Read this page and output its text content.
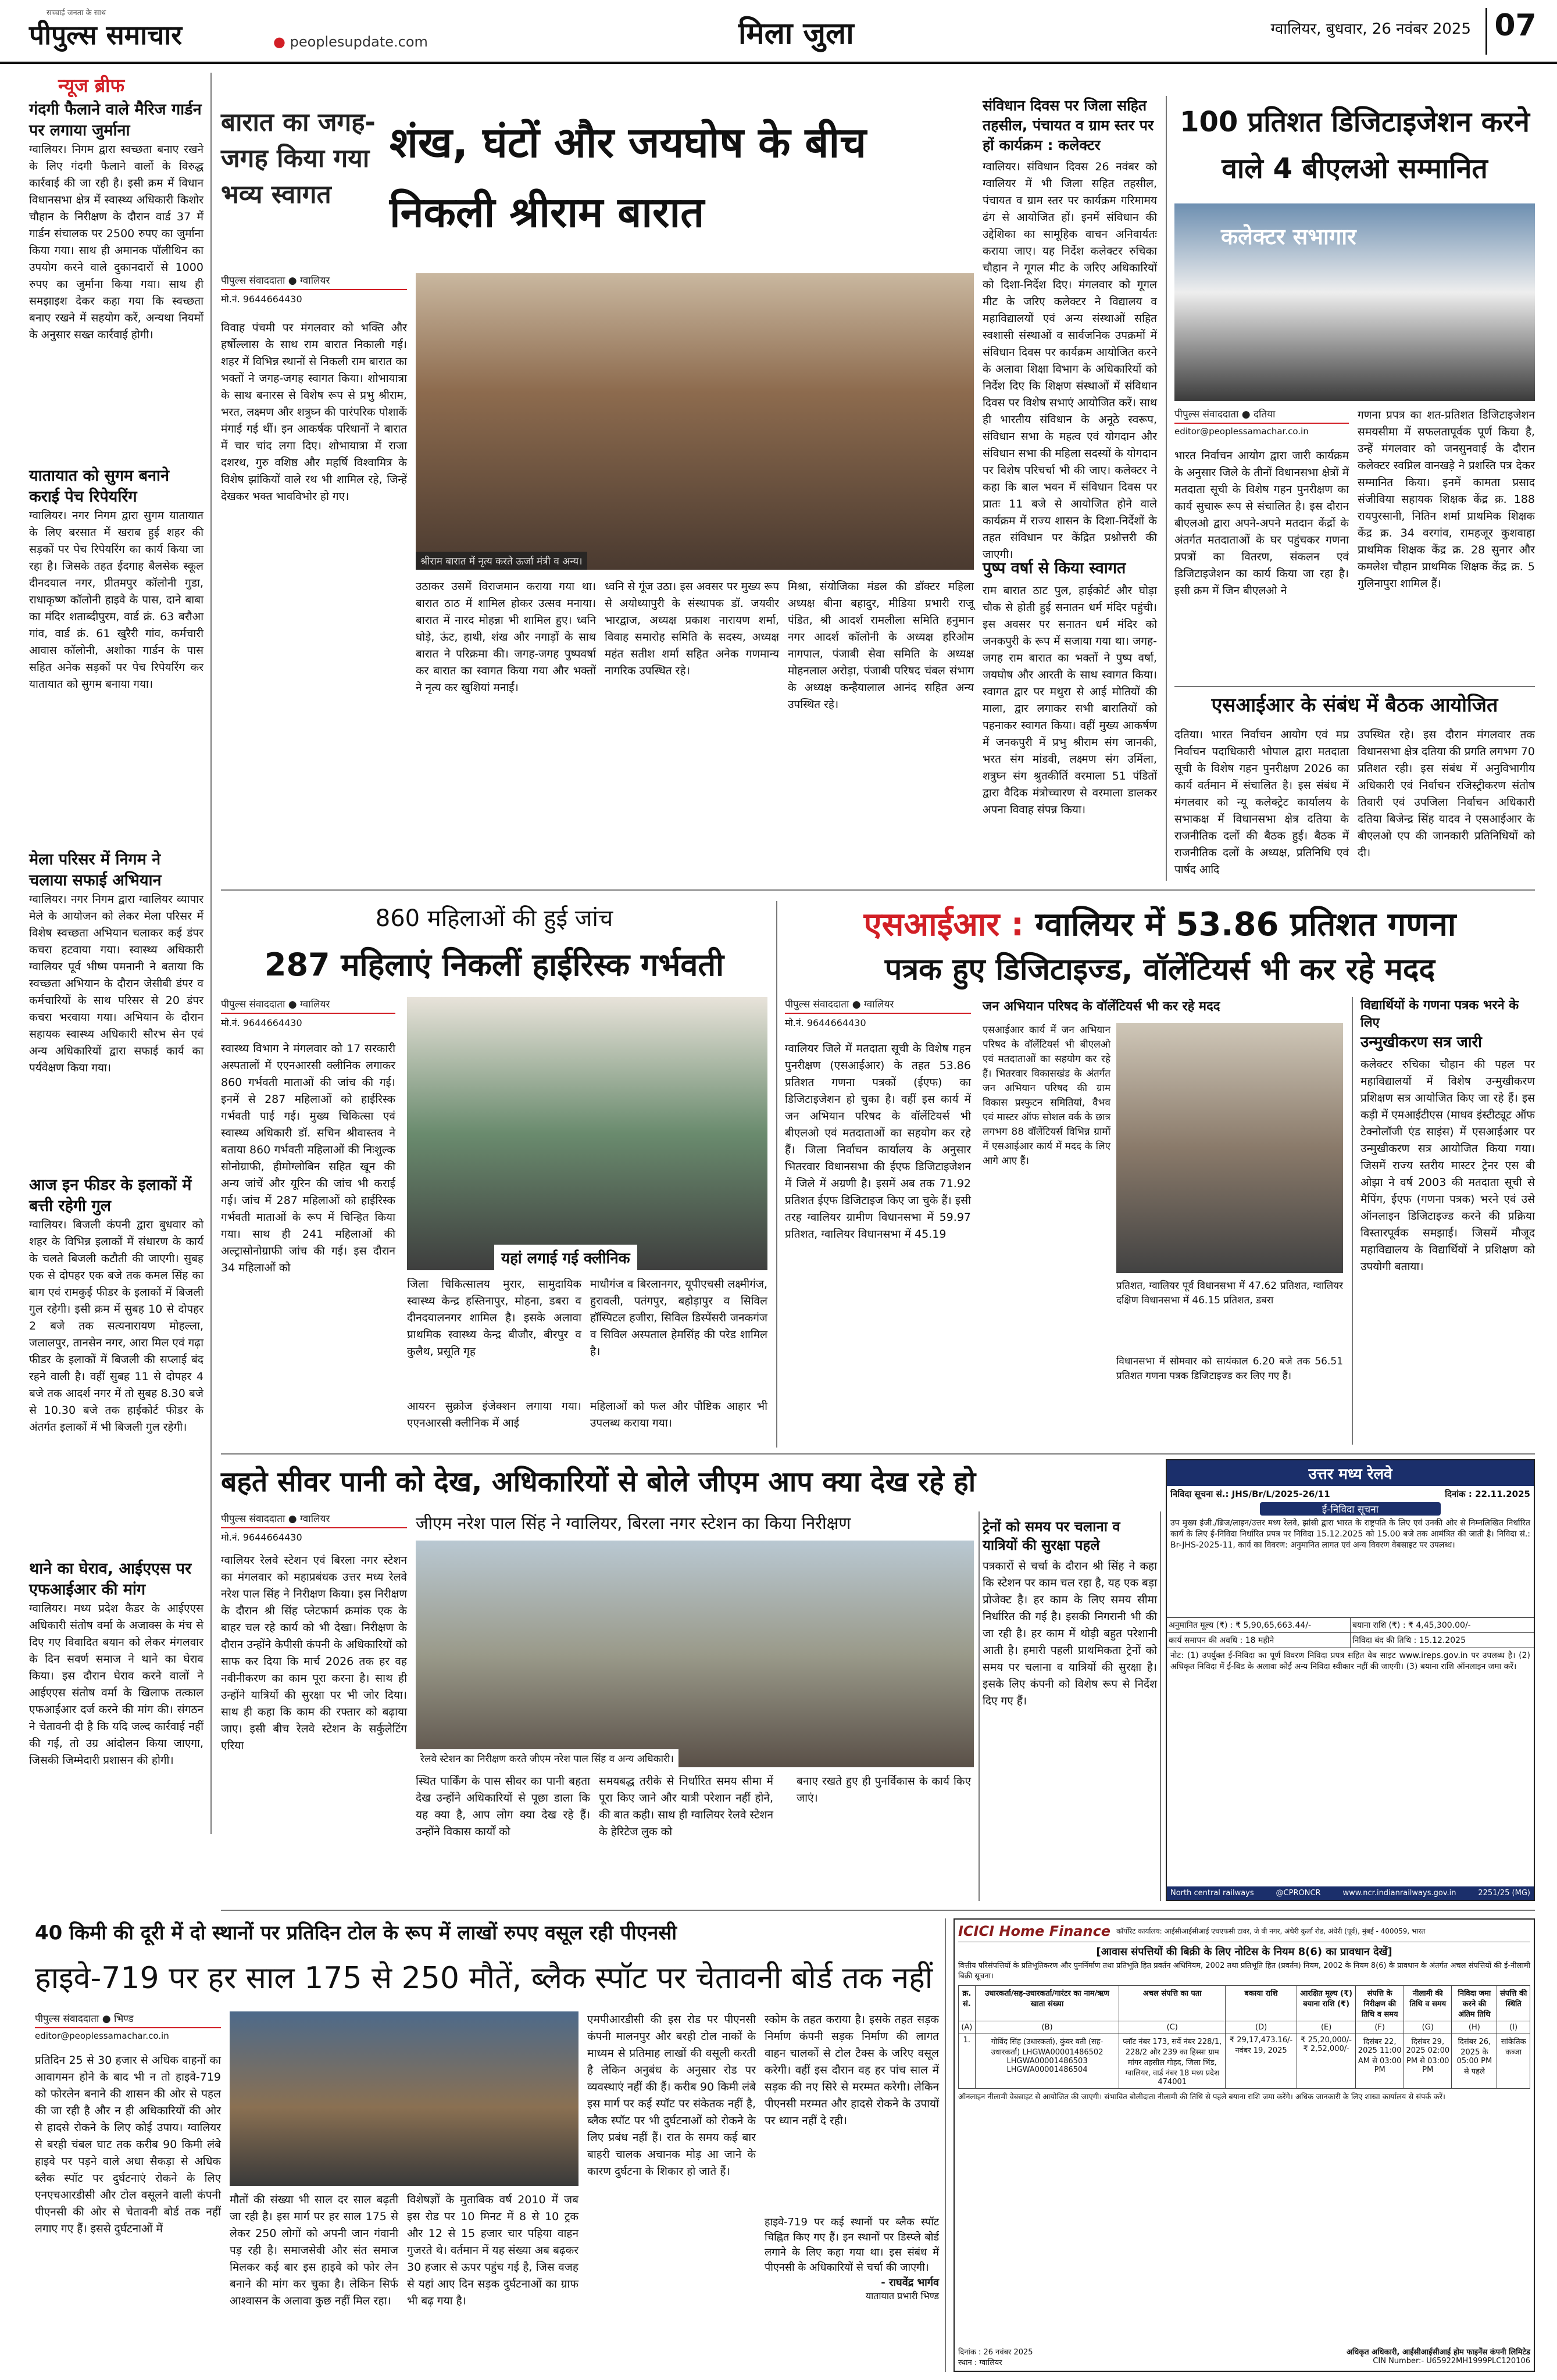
सच्चाई जनता के साथ
पीपुल्स समाचार	● peoplesupdate.com	मिला जुला	ग्वालियर, बुधवार, 26 नवंबर 2025 07
न्यूज ब्रीफ
गंदगी फैलाने वाले मैरिज गार्डन पर लगाया जुर्माना
ग्वालियर। निगम द्वारा स्वच्छता बनाए रखने के लिए गंदगी फैलाने वालों के विरुद्ध कार्रवाई की जा रही है। इसी क्रम में विधान विधानसभा क्षेत्र में स्वास्थ्य अधिकारी किशोर चौहान के निरीक्षण के दौरान वार्ड 37 में गार्डन संचालक पर 2500 रुपए का जुर्माना किया गया। साथ ही अमानक पॉलीथिन का उपयोग करने वाले दुकानदारों से 1000 रुपए का जुर्माना किया गया। साथ ही समझाइश देकर कहा गया कि स्वच्छता बनाए रखने में सहयोग करें, अन्यथा नियमों के अनुसार सख्त कार्रवाई होगी।
यातायात को सुगम बनाने कराई पेच रिपेयरिंग
ग्वालियर। नगर निगम द्वारा सुगम यातायात के लिए बरसात में खराब हुई शहर की सड़कों पर पेच रिपेयरिंग का कार्य किया जा रहा है। जिसके तहत ईदगाह बैलसेक स्कूल दीनदयाल नगर, प्रीतमपुर कॉलोनी गुडा, राधाकृष्ण कॉलोनी हाइवे के पास, दाने बाबा का मंदिर शताब्दीपुरम, वार्ड क्रं. 63 बरौआ गांव, वार्ड क्रं. 61 खुरैरी गांव, कर्मचारी आवास कॉलोनी, अशोका गार्डन के पास सहित अनेक सड़कों पर पेच रिपेयरिंग कर यातायात को सुगम बनाया गया।
मेला परिसर में निगम ने चलाया सफाई अभियान
ग्वालियर। नगर निगम द्वारा ग्वालियर व्यापार मेले के आयोजन को लेकर मेला परिसर में विशेष स्वच्छता अभियान चलाकर कई डंपर कचरा हटवाया गया। स्वास्थ्य अधिकारी ग्वालियर पूर्व भीष्म पमनानी ने बताया कि स्वच्छता अभियान के दौरान जेसीबी डंपर व कर्मचारियों के साथ परिसर से 20 डंपर कचरा भरवाया गया। अभियान के दौरान सहायक स्वास्थ्य अधिकारी सौरभ सेन एवं अन्य अधिकारियों द्वारा सफाई कार्य का पर्यवेक्षण किया गया।
आज इन फीडर के इलाकों में बत्ती रहेगी गुल
ग्वालियर। बिजली कंपनी द्वारा बुधवार को शहर के विभिन्न इलाकों में संधारण के कार्य के चलते बिजली कटौती की जाएगी। सुबह एक से दोपहर एक बजे तक कमल सिंह का बाग एवं रामकुई फीडर के इलाकों में बिजली गुल रहेगी। इसी क्रम में सुबह 10 से दोपहर 2 बजे तक सत्यनारायण मोहल्ला, जलालपुर, तानसेन नगर, आरा मिल एवं गढ़ा फीडर के इलाकों में बिजली की सप्लाई बंद रहने वाली है। वहीं सुबह 11 से दोपहर 4 बजे तक आदर्श नगर में तो सुबह 8.30 बजे से 10.30 बजे तक हाईकोर्ट फीडर के अंतर्गत इलाकों में भी बिजली गुल रहेगी।
थाने का घेराव, आईएएस पर एफआईआर की मांग
ग्वालियर। मध्य प्रदेश कैडर के आईएएस अधिकारी संतोष वर्मा के अजाक्स के मंच से दिए गए विवादित बयान को लेकर मंगलवार के दिन सवर्ण समाज ने थाने का घेराव किया। इस दौरान घेराव करने वालों ने आईएएस संतोष वर्मा के खिलाफ तत्काल एफआईआर दर्ज करने की मांग की। संगठन ने चेतावनी दी है कि यदि जल्द कार्रवाई नहीं की गई, तो उग्र आंदोलन किया जाएगा, जिसकी जिम्मेदारी प्रशासन की होगी।
बारात का जगह-जगह किया गया भव्य स्वागत
शंख, घंटों और जयघोष के बीच निकली श्रीराम बारात
पीपुल्स संवाददाता ● ग्वालियर
मो.नं. 9644664430
विवाह पंचमी पर मंगलवार को भक्ति और हर्षोल्लास के साथ राम बारात निकाली गई। शहर में विभिन्न स्थानों से निकली राम बारात का भक्तों ने जगह-जगह स्वागत किया। शोभायात्रा के साथ बनारस से विशेष रूप से प्रभु श्रीराम, भरत, लक्ष्मण और शत्रुघ्न की पारंपरिक पोशाकें मंगाई गई थीं। इन आकर्षक परिधानों ने बारात में चार चांद लगा दिए। शोभायात्रा में राजा दशरथ, गुरु वशिष्ठ और महर्षि विश्वामित्र के विशेष झांकियों वाले रथ भी शामिल रहे, जिन्हें देखकर भक्त भावविभोर हो गए।
श्रीराम बारात में नृत्य करते ऊर्जा मंत्री व अन्य।
उठाकर उसमें विराजमान कराया गया था। बारात ठाठ में शामिल होकर उत्सव मनाया। बारात में नारद मोहन्ना भी शामिल हुए। ध्वनि घोड़े, ऊंट, हाथी, शंख और नगाड़ों के साथ बारात ने परिक्रमा की। जगह-जगह पुष्पवर्षा कर बारात का स्वागत किया गया और भक्तों ने नृत्य कर खुशियां मनाईं।
ध्वनि से गूंज उठा। इस अवसर पर मुख्य रूप से अयोध्यापुरी के संस्थापक डॉ. जयवीर भारद्वाज, अध्यक्ष प्रकाश नारायण शर्मा, विवाह समारोह समिति के सदस्य, अध्यक्ष महंत सतीश शर्मा सहित अनेक गणमान्य नागरिक उपस्थित रहे।
मिश्रा, संयोजिका मंडल की डॉक्टर महिला अध्यक्ष बीना बहादुर, मीडिया प्रभारी राजू पंडित, श्री आदर्श रामलीला समिति हनुमान नगर आदर्श कॉलोनी के अध्यक्ष हरिओम नागपाल, पंजाबी सेवा समिति के अध्यक्ष मोहनलाल अरोड़ा, पंजाबी परिषद चंबल संभाग के अध्यक्ष कन्हैयालाल आनंद सहित अन्य उपस्थित रहे।
पुष्प वर्षा से किया स्वागत
राम बारात ठाट पुल, हाईकोर्ट और घोड़ा चौक से होती हुई सनातन धर्म मंदिर पहुंची। इस अवसर पर सनातन धर्म मंदिर को जनकपुरी के रूप में सजाया गया था। जगह-जगह राम बारात का भक्तों ने पुष्प वर्षा, जयघोष और आरती के साथ स्वागत किया। स्वागत द्वार पर मथुरा से आई मोतियों की माला, द्वार लगाकर सभी बारातियों को पहनाकर स्वागत किया। वहीं मुख्य आकर्षण में जनकपुरी में प्रभु श्रीराम संग जानकी, भरत संग मांडवी, लक्ष्मण संग उर्मिला, शत्रुघ्न संग श्रुतकीर्ति वरमाला 51 पंडितों द्वारा वैदिक मंत्रोच्चारण से वरमाला डालकर अपना विवाह संपन्न किया।
संविधान दिवस पर जिला सहित तहसील, पंचायत व ग्राम स्तर पर हों कार्यक्रम : कलेक्टर
ग्वालियर। संविधान दिवस 26 नवंबर को ग्वालियर में भी जिला सहित तहसील, पंचायत व ग्राम स्तर पर कार्यक्रम गरिमामय ढंग से आयोजित हों। इनमें संविधान की उद्देशिका का सामूहिक वाचन अनिवार्यतः कराया जाए। यह निर्देश कलेक्टर रुचिका चौहान ने गूगल मीट के जरिए अधिकारियों को दिशा-निर्देश दिए। मंगलवार को गूगल मीट के जरिए कलेक्टर ने विद्यालय व महाविद्यालयों एवं अन्य संस्थाओं सहित स्वशासी संस्थाओं व सार्वजनिक उपक्रमों में संविधान दिवस पर कार्यक्रम आयोजित करने के अलावा शिक्षा विभाग के अधिकारियों को निर्देश दिए कि शिक्षण संस्थाओं में संविधान दिवस पर विशेष सभाएं आयोजित करें। साथ ही भारतीय संविधान के अनूठे स्वरूप, संविधान सभा के महत्व एवं योगदान और संविधान सभा की महिला सदस्यों के योगदान पर विशेष परिचर्चा भी की जाए। कलेक्टर ने कहा कि बाल भवन में संविधान दिवस पर प्रातः 11 बजे से आयोजित होने वाले कार्यक्रम में राज्य शासन के दिशा-निर्देशों के तहत संविधान पर केंद्रित प्रश्नोत्तरी की जाएगी।
100 प्रतिशत डिजिटाइजेशन करने वाले 4 बीएलओ सम्मानित
कलेक्टर सभागार
पीपुल्स संवाददाता ● दतिया
editor@peoplessamachar.co.in
भारत निर्वाचन आयोग द्वारा जारी कार्यक्रम के अनुसार जिले के तीनों विधानसभा क्षेत्रों में मतदाता सूची के विशेष गहन पुनरीक्षण का कार्य सुचारू रूप से संचालित है। इस दौरान बीएलओ द्वारा अपने-अपने मतदान केंद्रों के अंतर्गत मतदाताओं के घर पहुंचकर गणना प्रपत्रों का वितरण, संकलन एवं डिजिटाइजेशन का कार्य किया जा रहा है। इसी क्रम में जिन बीएलओ ने
गणना प्रपत्र का शत-प्रतिशत डिजिटाइजेशन समयसीमा में सफलतापूर्वक पूर्ण किया है, उन्हें मंगलवार को जनसुनवाई के दौरान कलेक्टर स्वप्निल वानखड़े ने प्रशस्ति पत्र देकर सम्मानित किया। इनमें कामता प्रसाद संजीविया सहायक शिक्षक केंद्र क्र. 188 रायपुरसानी, नितिन शर्मा प्राथमिक शिक्षक केंद्र क्र. 34 वरगांव, रामहजूर कुशवाहा प्राथमिक शिक्षक केंद्र क्र. 28 सुनार और कमलेश चौहान प्राथमिक शिक्षक केंद्र क्र. 5 गुलिनापुरा शामिल हैं।
एसआईआर के संबंध में बैठक आयोजित
दतिया। भारत निर्वाचन आयोग एवं मप्र निर्वाचन पदाधिकारी भोपाल द्वारा मतदाता सूची के विशेष गहन पुनरीक्षण 2026 का कार्य वर्तमान में संचालित है। इस संबंध में मंगलवार को न्यू कलेक्ट्रेट कार्यालय के सभाकक्ष में विधानसभा क्षेत्र दतिया के राजनीतिक दलों की बैठक हुई। बैठक में राजनीतिक दलों के अध्यक्ष, प्रतिनिधि एवं पार्षद आदि
उपस्थित रहे। इस दौरान मंगलवार तक विधानसभा क्षेत्र दतिया की प्रगति लगभग 70 प्रतिशत रही। इस संबंध में अनुविभागीय अधिकारी एवं निर्वाचन रजिस्ट्रीकरण संतोष तिवारी एवं उपजिला निर्वाचन अधिकारी दतिया बिजेन्द्र सिंह यादव ने एसआईआर के बीएलओ एप की जानकारी प्रतिनिधियों को दी।
860 महिलाओं की हुई जांच
287 महिलाएं निकलीं हाईरिस्क गर्भवती
पीपुल्स संवाददाता ● ग्वालियर
मो.नं. 9644664430
स्वास्थ्य विभाग ने मंगलवार को 17 सरकारी अस्पतालों में एएनआरसी क्लीनिक लगाकर 860 गर्भवती माताओं की जांच की गई। इनमें से 287 महिलाओं को हाईरिस्क गर्भवती पाई गई। मुख्य चिकित्सा एवं स्वास्थ्य अधिकारी डॉ. सचिन श्रीवास्तव ने बताया 860 गर्भवती महिलाओं की निःशुल्क सोनोग्राफी, हीमोग्लोबिन सहित खून की अन्य जांचें और यूरिन की जांच भी कराई गई। जांच में 287 महिलाओं को हाईरिस्क गर्भवती माताओं के रूप में चिन्हित किया गया। साथ ही 241 महिलाओं की अल्ट्रासोनोग्राफी जांच की गई। इस दौरान 34 महिलाओं को
यहां लगाई गई क्लीनिक
जिला चिकित्सालय मुरार, सामुदायिक स्वास्थ्य केन्द्र हस्तिनापुर, मोहना, डबरा व दीनदयालनगर शामिल है। इसके अलावा प्राथमिक स्वास्थ्य केन्द्र बीजौर, बीरपुर व कुलैथ, प्रसूति गृह
माधौगंज व बिरलानगर, यूपीएचसी लक्ष्मीगंज, हुरावली, पतंगपुर, बहोड़ापुर व सिविल हॉस्पिटल हजीरा, सिविल डिस्पेंसरी जनकगंज व सिविल अस्पताल हेमसिंह की परेड शामिल है।
आयरन सुक्रोज इंजेक्शन लगाया गया। एएनआरसी क्लीनिक में आई
महिलाओं को फल और पौष्टिक आहार भी उपलब्ध कराया गया।
एसआईआर : ग्वालियर में 53.86 प्रतिशत गणना
पत्रक हुए डिजिटाइज्ड, वॉलेंटियर्स भी कर रहे मदद
पीपुल्स संवाददाता ● ग्वालियर
मो.नं. 9644664430
ग्वालियर जिले में मतदाता सूची के विशेष गहन पुनरीक्षण (एसआईआर) के तहत 53.86 प्रतिशत गणना पत्रकों (ईएफ) का डिजिटाइजेशन हो चुका है। वहीं इस कार्य में जन अभियान परिषद के वॉलेंटियर्स भी बीएलओ एवं मतदाताओं का सहयोग कर रहे हैं। जिला निर्वाचन कार्यालय के अनुसार भितरवार विधानसभा की ईएफ डिजिटाइजेशन में जिले में अग्रणी है। इसमें अब तक 71.92 प्रतिशत ईएफ डिजिटाइज किए जा चुके हैं। इसी तरह ग्वालियर ग्रामीण विधानसभा में 59.97 प्रतिशत, ग्वालियर विधानसभा में 45.19
जन अभियान परिषद के वॉलेंटियर्स भी कर रहे मदद
एसआईआर कार्य में जन अभियान परिषद के वॉलेंटियर्स भी बीएलओ एवं मतदाताओं का सहयोग कर रहे हैं। भितरवार विकासखंड के अंतर्गत जन अभियान परिषद की ग्राम विकास प्रस्फुटन समितियां, वैभव एवं मास्टर ऑफ सोशल वर्क के छात्र लगभग 88 वॉलेंटियर्स विभिन्न ग्रामों में एसआईआर कार्य में मदद के लिए आगे आए हैं।
प्रतिशत, ग्वालियर पूर्व विधानसभा में 47.62 प्रतिशत, ग्वालियर दक्षिण विधानसभा में 46.15 प्रतिशत, डबरा
विधानसभा में सोमवार को सायंकाल 6.20 बजे तक 56.51 प्रतिशत गणना पत्रक डिजिटाइज्ड कर लिए गए हैं।
विद्यार्थियों के गणना पत्रक भरने के लिए
उन्मुखीकरण सत्र जारी
कलेक्टर रुचिका चौहान की पहल पर महाविद्यालयों में विशेष उन्मुखीकरण प्रशिक्षण सत्र आयोजित किए जा रहे हैं। इस कड़ी में एमआईटीएस (माधव इंस्टीट्यूट ऑफ टेक्नोलॉजी एंड साइंस) में एसआईआर पर उन्मुखीकरण सत्र आयोजित किया गया। जिसमें राज्य स्तरीय मास्टर ट्रेनर एस बी ओझा ने वर्ष 2003 की मतदाता सूची से मैपिंग, ईएफ (गणना पत्रक) भरने एवं उसे ऑनलाइन डिजिटाइज्ड करने की प्रक्रिया विस्तारपूर्वक समझाई। जिसमें मौजूद महाविद्यालय के विद्यार्थियों ने प्रशिक्षण को उपयोगी बताया।
बहते सीवर पानी को देख, अधिकारियों से बोले जीएम आप क्या देख रहे हो
पीपुल्स संवाददाता ● ग्वालियर
मो.नं. 9644664430
जीएम नरेश पाल सिंह ने ग्वालियर, बिरला नगर स्टेशन का किया निरीक्षण
ग्वालियर रेलवे स्टेशन एवं बिरला नगर स्टेशन का मंगलवार को महाप्रबंधक उत्तर मध्य रेलवे नरेश पाल सिंह ने निरीक्षण किया। इस निरीक्षण के दौरान श्री सिंह प्लेटफार्म क्रमांक एक के बाहर चल रहे कार्य को भी देखा। निरीक्षण के दौरान उन्होंने केपीसी कंपनी के अधिकारियों को साफ कर दिया कि मार्च 2026 तक हर वह नवीनीकरण का काम पूरा करना है। साथ ही उन्होंने यात्रियों की सुरक्षा पर भी जोर दिया। साथ ही कहा कि काम की रफ्तार को बढ़ाया जाए। इसी बीच रेलवे स्टेशन के सर्कुलेटिंग एरिया
रेलवे स्टेशन का निरीक्षण करते जीएम नरेश पाल सिंह व अन्य अधिकारी।
स्थित पार्किंग के पास सीवर का पानी बहता देख उन्होंने अधिकारियों से पूछा डाला कि यह क्या है, आप लोग क्या देख रहे हैं। उन्होंने विकास कार्यों को
समयबद्ध तरीके से निर्धारित समय सीमा में पूरा किए जाने और यात्री परेशान नहीं होने, की बात कही। साथ ही ग्वालियर रेलवे स्टेशन के हेरिटेज लुक को
बनाए रखते हुए ही पुनर्विकास के कार्य किए जाएं।
ट्रेनों को समय पर चलाना व यात्रियों की सुरक्षा पहले
पत्रकारों से चर्चा के दौरान श्री सिंह ने कहा कि स्टेशन पर काम चल रहा है, यह एक बड़ा प्रोजेक्ट है। हर काम के लिए समय सीमा निर्धारित की गई है। इसकी निगरानी भी की जा रही है। हर काम में थोड़ी बहुत परेशानी आती है। हमारी पहली प्राथमिकता ट्रेनों को समय पर चलाना व यात्रियों की सुरक्षा है। इसके लिए कंपनी को विशेष रूप से निर्देश दिए गए हैं।
उत्तर मध्य रेलवे
निविदा सूचना सं.: JHS/Br/L/2025-26/11	दिनांक : 22.11.2025
ई-निविदा सूचना
उप मुख्य इंजी./ब्रिज/लाइन/उत्तर मध्य रेलवे, झांसी द्वारा भारत के राष्ट्रपति के लिए एवं उनकी ओर से निम्नलिखित निर्धारित कार्य के लिए ई-निविदा निर्धारित प्रपत्र पर निविदा 15.12.2025 को 15.00 बजे तक आमंत्रित की जाती है। निविदा सं.: Br-JHS-2025-11, कार्य का विवरण: अनुमानित लागत एवं अन्य विवरण वेबसाइट पर उपलब्ध।
अनुमानित मूल्य (₹) : ₹ 5,90,65,663.44/-	बयाना राशि (₹) : ₹ 4,45,300.00/-
कार्य समापन की अवधि : 18 महीने	निविदा बंद की तिथि : 15.12.2025
नोट: (1) उपर्युक्त ई-निविदा का पूर्ण विवरण निविदा प्रपत्र सहित वेब साइट www.ireps.gov.in पर उपलब्ध है। (2) अधिकृत निविदा में ई-बिड के अलावा कोई अन्य निविदा स्वीकार नहीं की जाएगी। (3) बयाना राशि ऑनलाइन जमा करें।
North central railways	@CPRONCR	www.ncr.indianrailways.gov.in	2251/25 (MG)
40 किमी की दूरी में दो स्थानों पर प्रतिदिन टोल के रूप में लाखों रुपए वसूल रही पीएनसी
हाइवे-719 पर हर साल 175 से 250 मौतें, ब्लैक स्पॉट पर चेतावनी बोर्ड तक नहीं
पीपुल्स संवाददाता ● भिण्ड
editor@peoplessamachar.co.in
प्रतिदिन 25 से 30 हजार से अधिक वाहनों का आवागमन होने के बाद भी न तो हाइवे-719 को फोरलेन बनाने की शासन की ओर से पहल की जा रही है और न ही अधिकारियों की ओर से हादसे रोकने के लिए कोई उपाय। ग्वालियर से बरही चंबल घाट तक करीब 90 किमी लंबे हाइवे पर पड़ने वाले अधा सैकड़ा से अधिक ब्लैक स्पॉट पर दुर्घटनाएं रोकने के लिए एनएचआरडीसी और टोल वसूलने वाली कंपनी पीएनसी की ओर से चेतावनी बोर्ड तक नहीं लगाए गए हैं। इससे दुर्घटनाओं में
मौतों की संख्या भी साल दर साल बढ़ती जा रही है। इस मार्ग पर हर साल 175 से लेकर 250 लोगों को अपनी जान गंवानी पड़ रही है। समाजसेवी और संत समाज मिलकर कई बार इस हाइवे को फोर लेन बनाने की मांग कर चुका है। लेकिन सिर्फ आश्वासन के अलावा कुछ नहीं मिल रहा।
विशेषज्ञों के मुताबिक वर्ष 2010 में जब इस रोड पर 10 मिनट में 8 से 10 ट्रक और 12 से 15 हजार चार पहिया वाहन गुजरते थे। वर्तमान में यह संख्या अब बढ़कर 30 हजार से ऊपर पहुंच गई है, जिस वजह से यहां आए दिन सड़क दुर्घटनाओं का ग्राफ भी बढ़ गया है।
एमपीआरडीसी की इस रोड पर पीएनसी कंपनी मालनपुर और बरही टोल नाकों के माध्यम से प्रतिमाह लाखों की वसूली करती है लेकिन अनुबंध के अनुसार रोड पर व्यवस्थाएं नहीं की हैं। करीब 90 किमी लंबे इस मार्ग पर कई स्पॉट पर संकेतक नहीं है, ब्लैक स्पॉट पर भी दुर्घटनाओं को रोकने के लिए प्रबंध नहीं हैं। रात के समय कई बार बाहरी चालक अचानक मोड़ आ जाने के कारण दुर्घटना के शिकार हो जाते हैं।
स्कोम के तहत कराया है। इसके तहत सड़क निर्माण कंपनी सड़क निर्माण की लागत वाहन चालकों से टोल टैक्स के जरिए वसूल करेगी। वहीं इस दौरान वह हर पांच साल में सड़क की नए सिरे से मरम्मत करेगी। लेकिन पीएनसी मरम्मत और हादसे रोकने के उपायों पर ध्यान नहीं दे रही।
हाइवे-719 पर कई स्थानों पर ब्लैक स्पॉट चिह्नित किए गए हैं। इन स्थानों पर डिस्प्ले बोर्ड लगाने के लिए कहा गया था। इस संबंध में पीएनसी के अधिकारियों से चर्चा की जाएगी।
- राघवेंद्र भार्गव
यातायात प्रभारी भिण्ड
ICICI Home Finance कॉर्पोरेट कार्यालय: आईसीआईसीआई एचएफसी टावर, जे बी नगर, अंधेरी कुर्ला रोड, अंधेरी (पूर्व), मुंबई - 400059, भारत
[आवास संपत्तियों की बिक्री के लिए नोटिस के नियम 8(6) का प्रावधान देखें]
वित्तीय परिसंपत्तियों के प्रतिभूतिकरण और पुनर्निर्माण तथा प्रतिभूति हित प्रवर्तन अधिनियम, 2002 तथा प्रतिभूति हित (प्रवर्तन) नियम, 2002 के नियम 8(6) के प्रावधान के अंतर्गत अचल संपत्तियों की ई-नीलामी बिक्री सूचना।
क्र. सं.	उधारकर्ता/सह-उधारकर्ता/गारंटर का नाम/ऋण खाता संख्या	अचल संपत्ति का पता	बकाया राशि	आरक्षित मूल्य (₹) बयाना राशि (₹)	संपत्ति के निरीक्षण की तिथि व समय	नीलामी की तिथि व समय	निविदा जमा करने की अंतिम तिथि	संपत्ति की स्थिति
(A)	(B)	(C)	(D)	(E)	(F)	(G)	(H)	(I)
1.	गोविंद सिंह (उधारकर्ता), कुंवर वती (सह-उधारकर्ता) LHGWA00001486502 LHGWA00001486503 LHGWA00001486504	प्लॉट नंबर 173, सर्वे नंबर 228/1, 228/2 और 239 का हिस्सा ग्राम मांगर तहसील गोहद, जिला भिंड, ग्वालियर, वार्ड नंबर 18 मध्य प्रदेश 474001	₹ 29,17,473.16/- नवंबर 19, 2025	₹ 25,20,000/- ₹ 2,52,000/-	दिसंबर 22, 2025 11:00 AM से 03:00 PM	दिसंबर 29, 2025 02:00 PM से 03:00 PM	दिसंबर 26, 2025 के 05:00 PM से पहले	सांकेतिक कब्जा
ऑनलाइन नीलामी वेबसाइट से आयोजित की जाएगी। संभावित बोलीदाता नीलामी की तिथि से पहले बयाना राशि जमा करेंगे। अधिक जानकारी के लिए शाखा कार्यालय से संपर्क करें।
दिनांक : 26 नवंबर 2025
स्थान : ग्वालियर
अधिकृत अधिकारी, आईसीआईसीआई होम फाइनेंस कंपनी लिमिटेड
CIN Number:- U65922MH1999PLC120106
